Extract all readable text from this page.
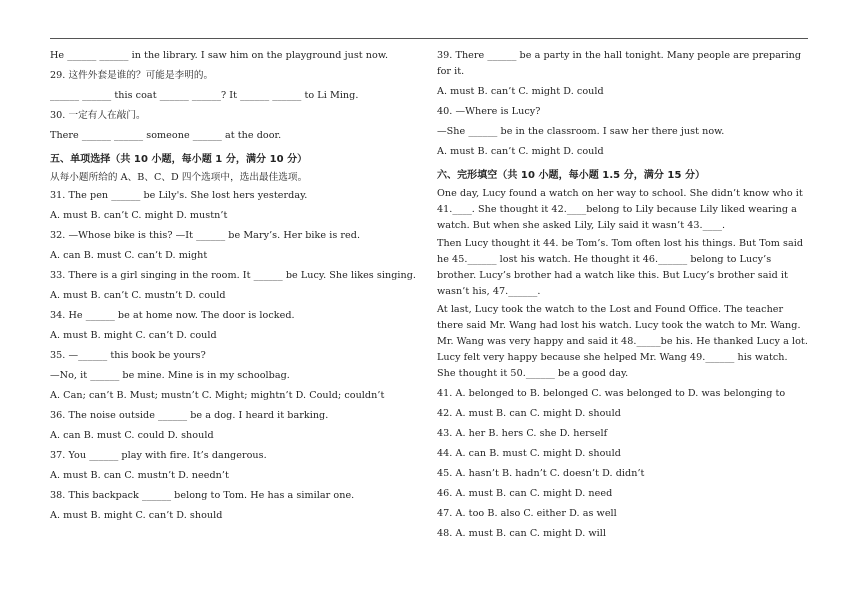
He ______ ______ in the library. I saw him on the playground just now.
29. 这件外套是谁的？可能是李明的。
______ ______ this coat ______ ______? It ______ ______ to Li Ming.
30. 一定有人在敲门。
There ______ ______ someone ______ at the door.
五、单项选择（共 10 小题，每小题 1 分，满分 10 分）
从每小题所给的 A、B、C、D 四个选项中，选出最佳选项。
31. The pen ______ be Lily's. She lost hers yesterday.
A. must B. can’t C. might D. mustn’t
32. —Whose bike is this? —It ______ be Mary’s. Her bike is red.
A. can B. must C. can’t D. might
33. There is a girl singing in the room. It ______ be Lucy. She likes singing.
A. must B. can’t C. mustn’t D. could
34. He ______ be at home now. The door is locked.
A. must B. might C. can’t D. could
35. —______ this book be yours?
—No, it ______ be mine. Mine is in my schoolbag.
A. Can; can’t B. Must; mustn’t C. Might; mightn’t D. Could; couldn’t
36. The noise outside ______ be a dog. I heard it barking.
A. can B. must C. could D. should
37. You ______ play with fire. It’s dangerous.
A. must B. can C. mustn’t D. needn’t
38. This backpack ______ belong to Tom. He has a similar one.
A. must B. might C. can’t D. should
39. There ______ be a party in the hall tonight. Many people are preparing for it.
A. must B. can’t C. might D. could
40. —Where is Lucy?
—She ______ be in the classroom. I saw her there just now.
A. must B. can’t C. might D. could
六、完形填空（共 10 小题，每小题 1.5 分，满分 15 分）
One day, Lucy found a watch on her way to school. She didn’t know who it 41.____. She thought it 42.____belong to Lily because Lily liked wearing a watch. But when she asked Lily, Lily said it wasn’t 43.____.
Then Lucy thought it 44. be Tom’s. Tom often lost his things. But Tom said he 45.______ lost his watch. He thought it 46.______ belong to Lucy’s brother. Lucy’s brother had a watch like this. But Lucy’s brother said it wasn’t his, 47.______.
At last, Lucy took the watch to the Lost and Found Office. The teacher there said Mr. Wang had lost his watch. Lucy took the watch to Mr. Wang. Mr. Wang was very happy and said it 48._____be his. He thanked Lucy a lot. Lucy felt very happy because she helped Mr. Wang 49.______ his watch. She thought it 50.______ be a good day.
41. A. belonged to B. belonged C. was belonged to D. was belonging to
42. A. must B. can C. might D. should
43. A. her B. hers C. she D. herself
44. A. can B. must C. might D. should
45. A. hasn’t B. hadn’t C. doesn’t D. didn’t
46. A. must B. can C. might D. need
47. A. too B. also C. either D. as well
48. A. must B. can C. might D. will
